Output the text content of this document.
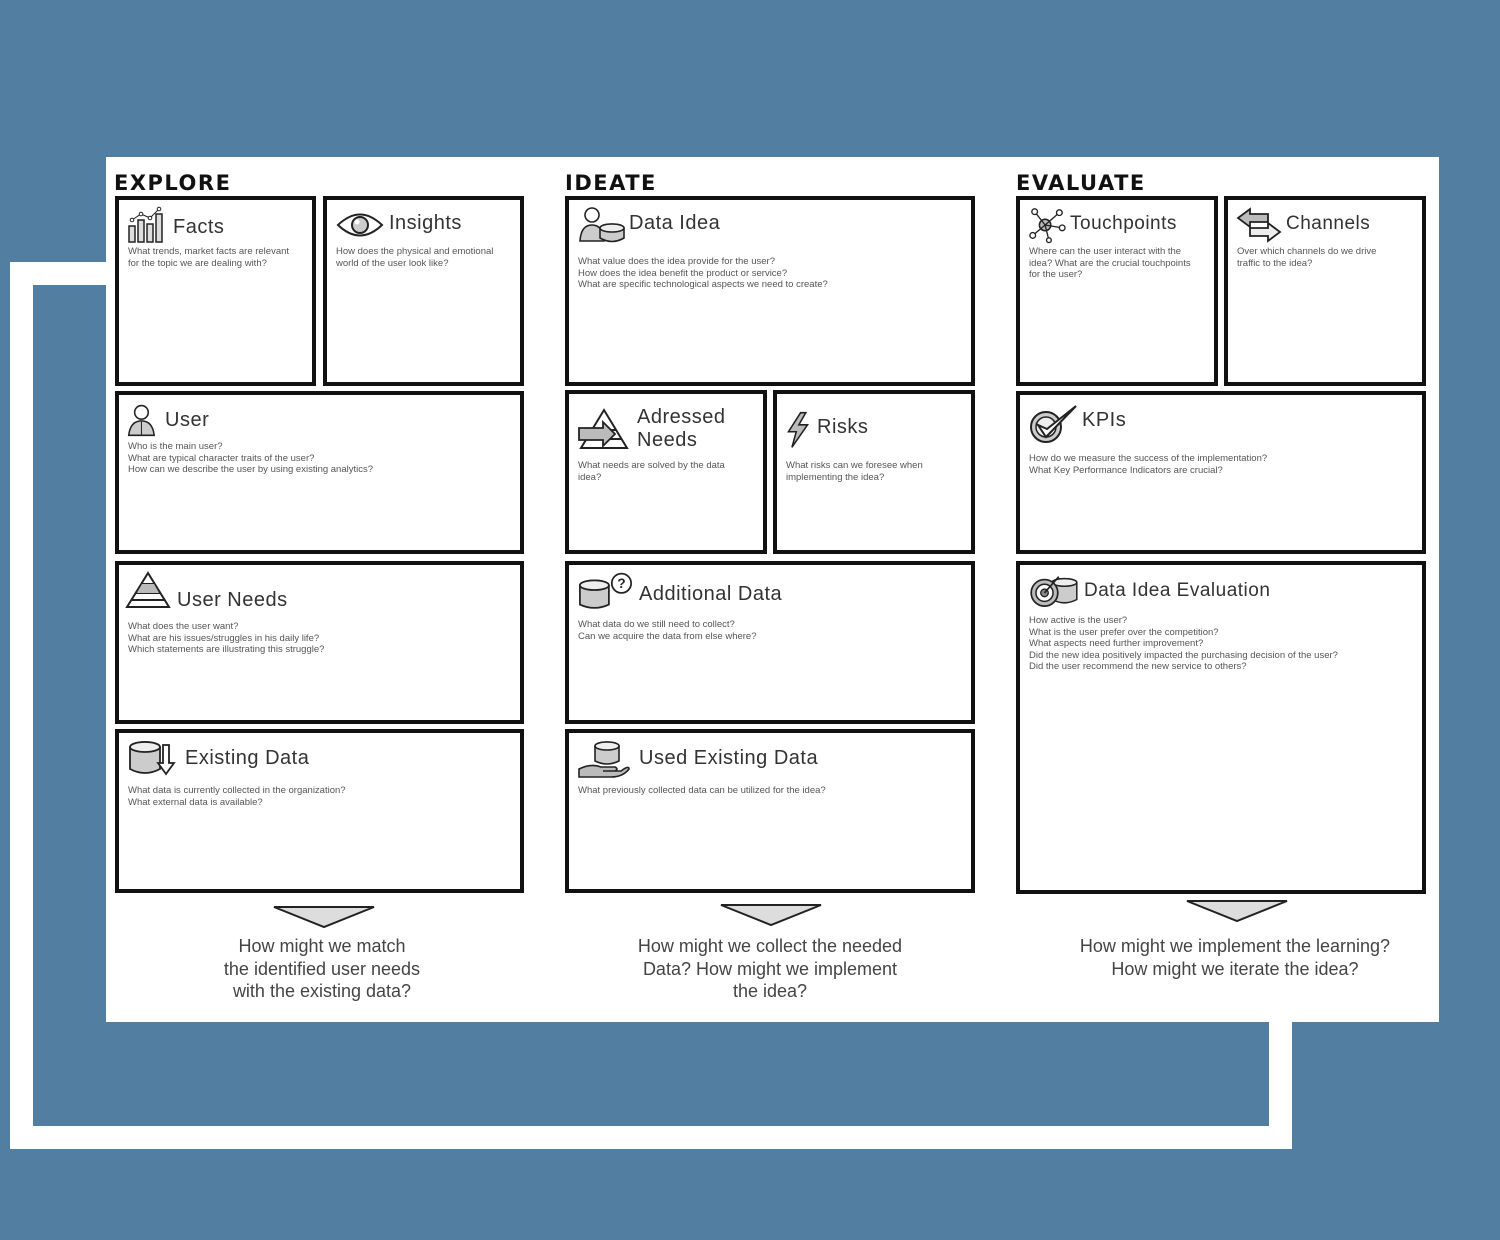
EXPLORE
Facts
What trends, market facts are relevant
for the topic we are dealing with?
Insights
How does the physical and emotional
world of the user look like?
User
Who is the main user?
What are typical character traits of the user?
How can we describe the user by using existing analytics?
User Needs
What does the user want?
What are his issues/struggles in his daily life?
Which statements are illustrating this struggle?
Existing Data
What data is currently collected in the organization?
What external data is available?
How might we match
the identified user needs
with the existing data?
IDEATE
Data Idea
What value does the idea provide for the user?
How does the idea benefit the product or service?
What are specific technological aspects we need to create?
Adressed
Needs
What needs are solved by the data
idea?
Risks
What risks can we foresee when
implementing the idea?
? Additional Data
What data do we still need to collect?
Can we acquire the data from else where?
Used Existing Data
What previously collected data can be utilized for the idea?
How might we collect the needed
Data? How might we implement
the idea?
EVALUATE
Touchpoints
Where can the user interact with the
idea? What are the crucial touchpoints
for the user?
Channels
Over which channels do we drive
traffic to the idea?
KPIs
How do we measure the success of the implementation?
What Key Performance Indicators are crucial?
Data Idea Evaluation
How active is the user?
What is the user prefer over the competition?
What aspects need further improvement?
Did the new idea positively impacted the purchasing decision of the user?
Did the user recommend the new service to others?
How might we implement the learning?
How might we iterate the idea?
